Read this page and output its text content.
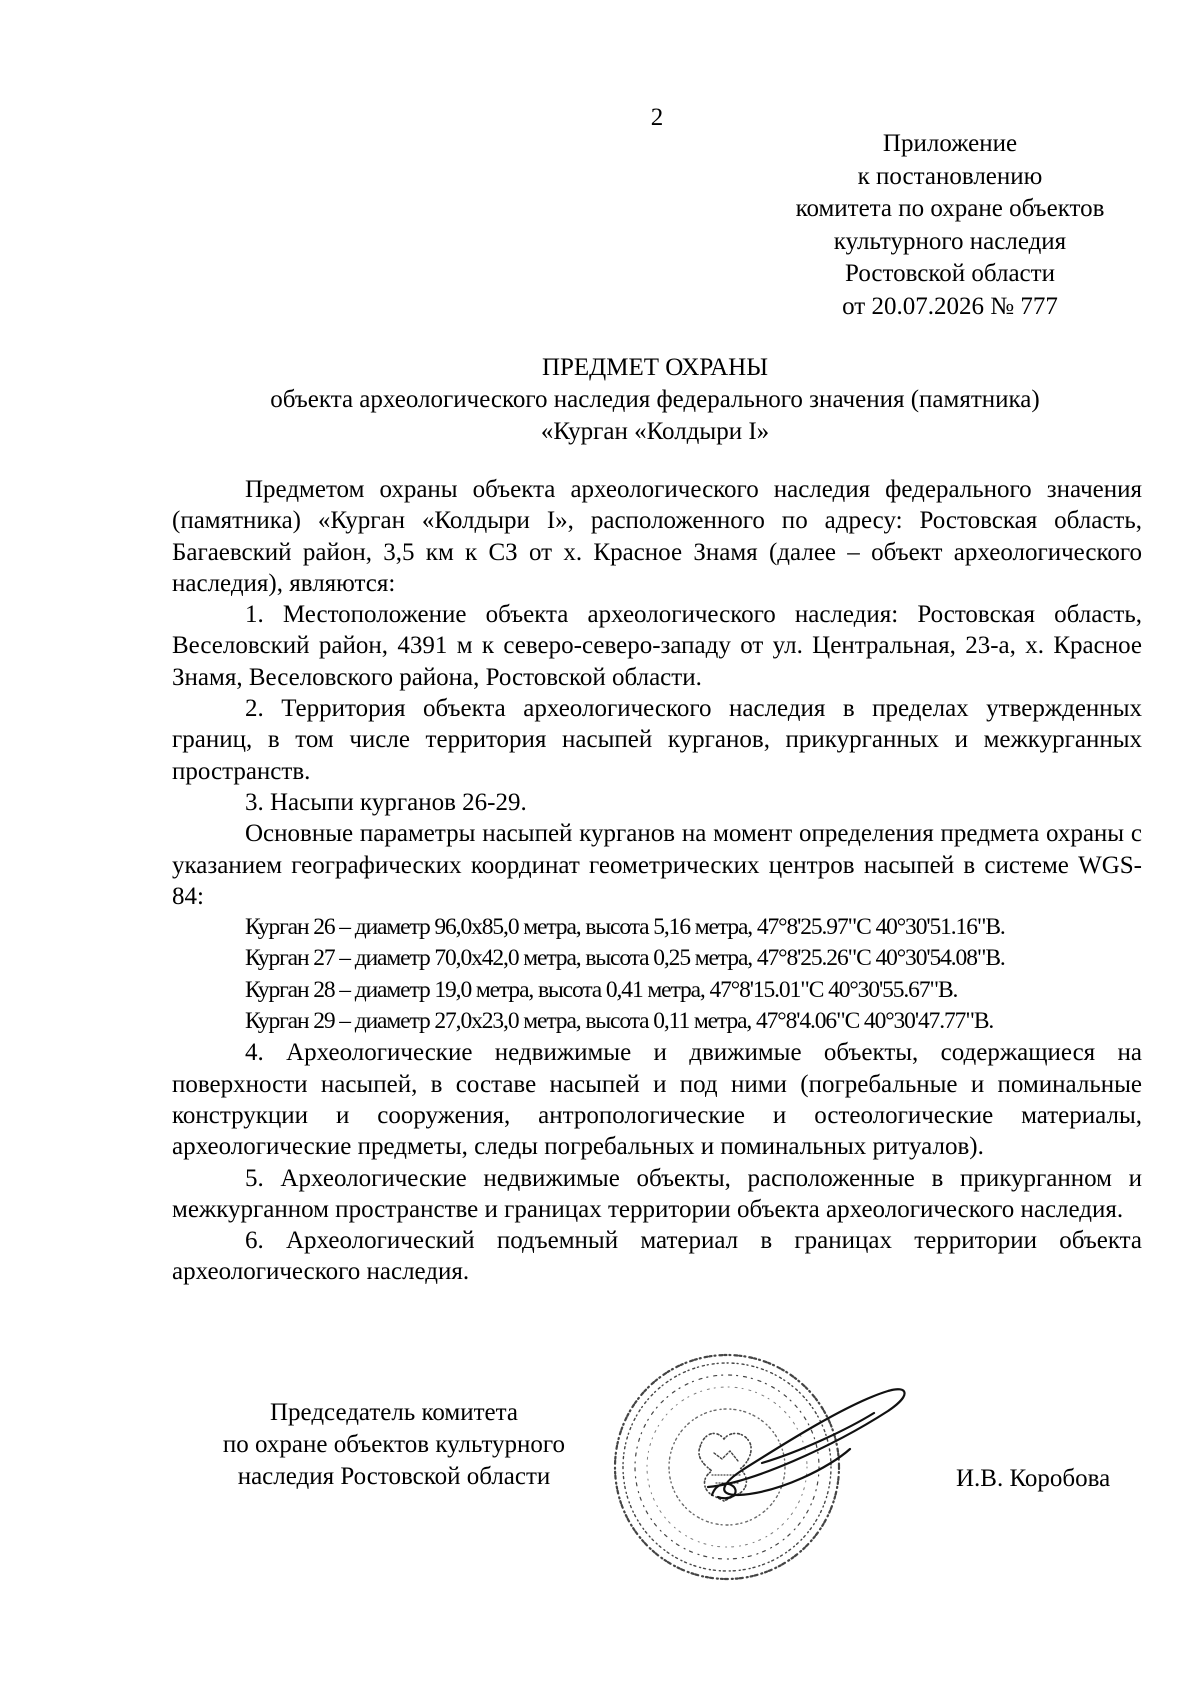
2
Приложение
к постановлению
комитета по охране объектов
культурного наследия
Ростовской области
от 20.07.2026 № 777
ПРЕДМЕТ ОХРАНЫ
объекта археологического наследия федерального значения (памятника)
«Курган «Колдыри I»

Предметом охраны объекта археологического наследия федерального значения (памятника) «Курган «Колдыри I», расположенного по адресу: Ростовская область, Багаевский район, 3,5 км к СЗ от х. Красное Знамя (далее – объект археологического наследия), являются:

1. Местоположение объекта археологического наследия: Ростовская область, Веселовский район, 4391 м к северо-северо-западу от ул. Центральная, 23-а, х. Красное Знамя, Веселовского района, Ростовской области.

2. Территория объекта археологического наследия в пределах утвержденных границ, в том числе территория насыпей курганов, прикурганных и межкурганных пространств.

3. Насыпи курганов 26-29.

Основные параметры насыпей курганов на момент определения предмета охраны с указанием географических координат геометрических центров насыпей в системе WGS-84:

Курган 26 – диаметр 96,0х85,0 метра, высота 5,16 метра, 47°8'25.97"С 40°30'51.16"В.

Курган 27 – диаметр 70,0х42,0 метра, высота 0,25 метра, 47°8'25.26"С 40°30'54.08"В.

Курган 28 – диаметр 19,0 метра, высота 0,41 метра, 47°8'15.01"С 40°30'55.67"В.

Курган 29 – диаметр 27,0х23,0 метра, высота 0,11 метра, 47°8'4.06"С 40°30'47.77"В.

4. Археологические недвижимые и движимые объекты, содержащиеся на поверхности насыпей, в составе насыпей и под ними (погребальные и поминальные конструкции и сооружения, антропологические и остеологические материалы, археологические предметы, следы погребальных и поминальных ритуалов).

5. Археологические недвижимые объекты, расположенные в прикурганном и межкурганном пространстве и границах территории объекта археологического наследия.

6. Археологический подъемный материал в границах территории объекта археологического наследия.

Председатель комитета
по охране объектов культурного
наследия Ростовской области	И.В. Коробова
